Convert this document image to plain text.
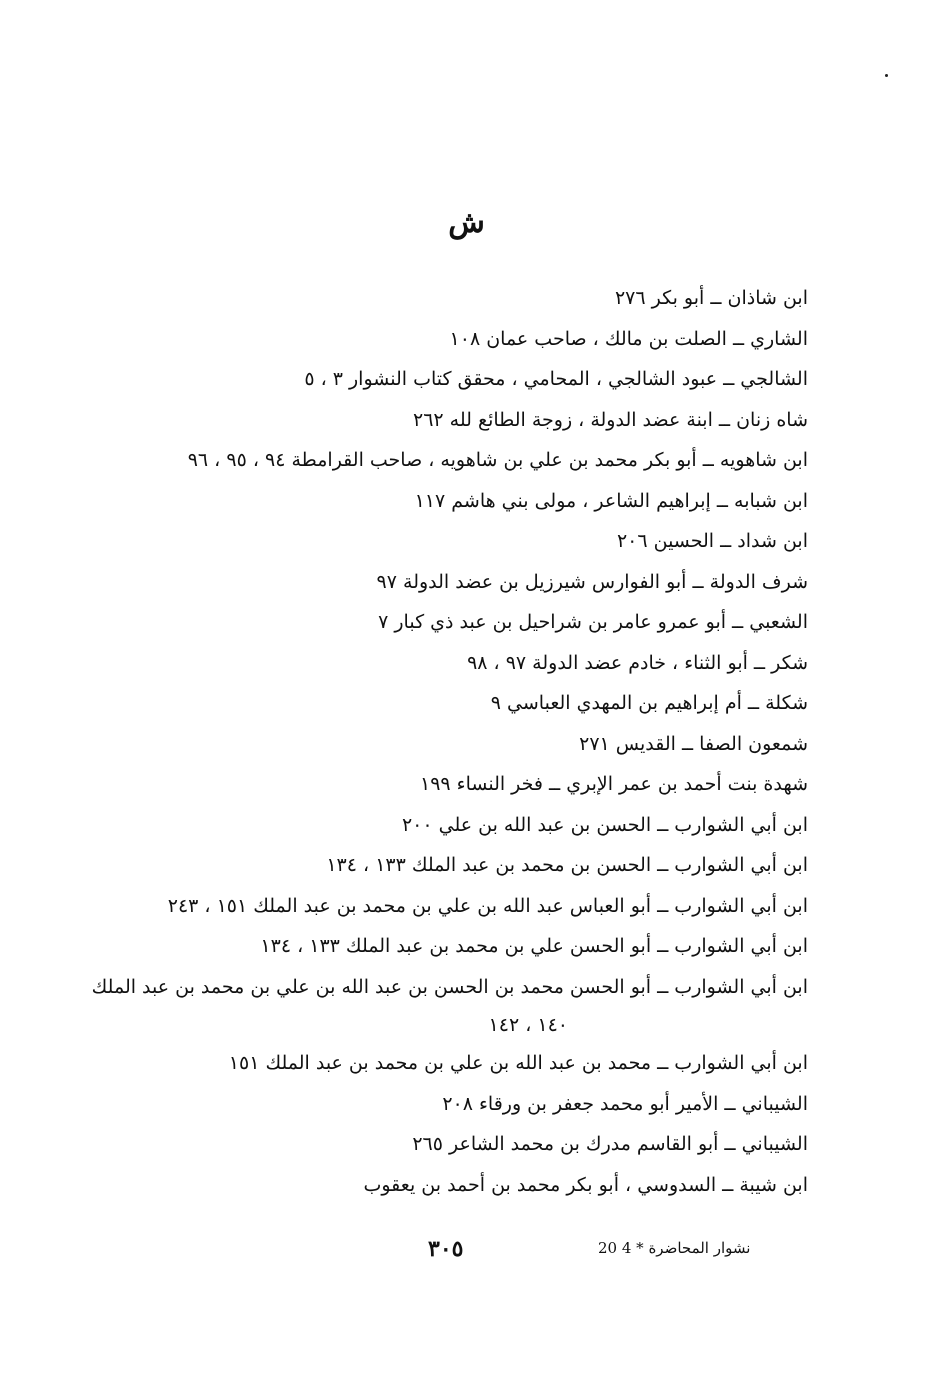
ش
ابن شاذان ــ أبو بكر ٢٧٦
الشاري ــ الصلت بن مالك ، صاحب عمان ١٠٨
الشالجي ــ عبود الشالجي ، المحامي ، محقق كتاب النشوار ٣ ، ٥
شاه زنان ــ ابنة عضد الدولة ، زوجة الطائع لله ٢٦٢
ابن شاهويه ــ أبو بكر محمد بن علي بن شاهويه ، صاحب القرامطة ٩٤ ، ٩٥ ، ٩٦
ابن شبابه ــ إبراهيم الشاعر ، مولى بني هاشم ١١٧
ابن شداد ــ الحسين ٢٠٦
شرف الدولة ــ أبو الفوارس شيرزيل بن عضد الدولة ٩٧
الشعبي ــ أبو عمرو عامر بن شراحيل بن عبد ذي كبار ٧
شكر ــ أبو الثناء ، خادم عضد الدولة ٩٧ ، ٩٨
شكلة ــ أم إبراهيم بن المهدي العباسي ٩
شمعون الصفا ــ القديس ٢٧١
شهدة بنت أحمد بن عمر الإبري ــ فخر النساء ١٩٩
ابن أبي الشوارب ــ الحسن بن عبد الله بن علي ٢٠٠
ابن أبي الشوارب ــ الحسن بن محمد بن عبد الملك ١٣٣ ، ١٣٤
ابن أبي الشوارب ــ أبو العباس عبد الله بن علي بن محمد بن عبد الملك ١٥١ ، ٢٤٣
ابن أبي الشوارب ــ أبو الحسن علي بن محمد بن عبد الملك ١٣٣ ، ١٣٤
ابن أبي الشوارب ــ أبو الحسن محمد بن الحسن بن عبد الله بن علي بن محمد بن عبد الملك
١٤٠ ، ١٤٢
ابن أبي الشوارب ــ محمد بن عبد الله بن علي بن محمد بن عبد الملك ١٥١
الشيباني ــ الأمير أبو محمد جعفر بن ورقاء ٢٠٨
الشيباني ــ أبو القاسم مدرك بن محمد الشاعر ٢٦٥
ابن شيبة ــ السدوسي ، أبو بكر محمد بن أحمد بن يعقوب
20 نشوار المحاضرة * 4
٣٠٥
